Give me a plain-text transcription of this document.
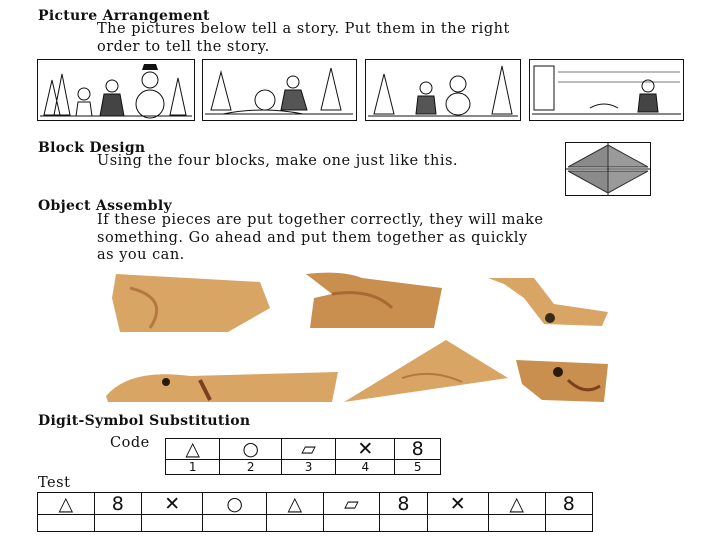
Picture Arrangement
The pictures below tell a story. Put them in the right
order to tell the story.
Block Design
Using the four blocks, make one just like this.
Object Assembly
If these pieces are put together correctly, they will make
something. Go ahead and put them together as quickly
as you can.
Digit-Symbol Substitution
Code △	○	▱	✕	8
1	2	3	4	5
Test
△	8	✕	○	△	▱	8	✕	△	8
